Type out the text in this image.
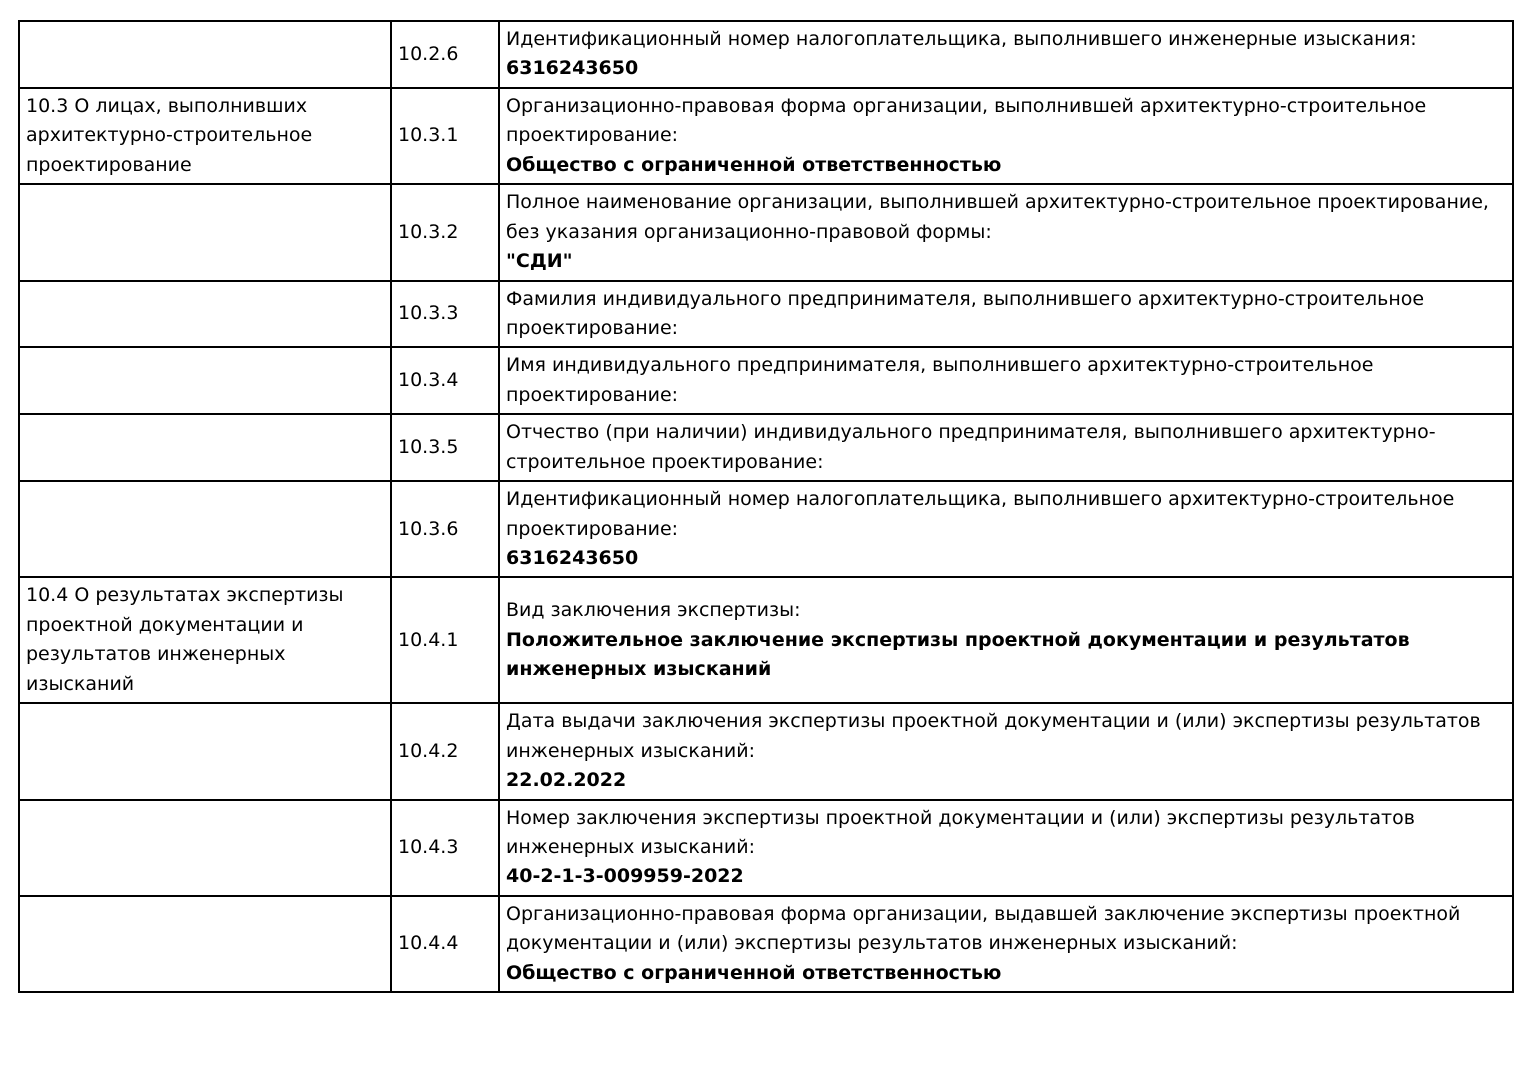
	10.2.6	Идентификационный номер налогоплательщика, выполнившего инженерные изыскания:
6316243650

10.3 О лицах, выполнивших архитектурно-строительное проектирование	10.3.1	Организационно-правовая форма организации, выполнившей архитектурно-строительное проектирование:
Общество с ограниченной ответственностью

	10.3.2	Полное наименование организации, выполнившей архитектурно-строительное проектирование, без указания организационно-правовой формы:
"СДИ"

	10.3.3	Фамилия индивидуального предпринимателя, выполнившего архитектурно-строительное проектирование:

	10.3.4	Имя индивидуального предпринимателя, выполнившего архитектурно-строительное проектирование:

	10.3.5	Отчество (при наличии) индивидуального предпринимателя, выполнившего архитектурно-строительное проектирование:

	10.3.6	Идентификационный номер налогоплательщика, выполнившего архитектурно-строительное проектирование:
6316243650

10.4 О результатах экспертизы проектной документации и результатов инженерных изысканий	10.4.1	Вид заключения экспертизы:
Положительное заключение экспертизы проектной документации и результатов инженерных изысканий

	10.4.2	Дата выдачи заключения экспертизы проектной документации и (или) экспертизы результатов инженерных изысканий:
22.02.2022

	10.4.3	Номер заключения экспертизы проектной документации и (или) экспертизы результатов инженерных изысканий:
40-2-1-3-009959-2022

	10.4.4	Организационно-правовая форма организации, выдавшей заключение экспертизы проектной документации и (или) экспертизы результатов инженерных изысканий:
Общество с ограниченной ответственностью
